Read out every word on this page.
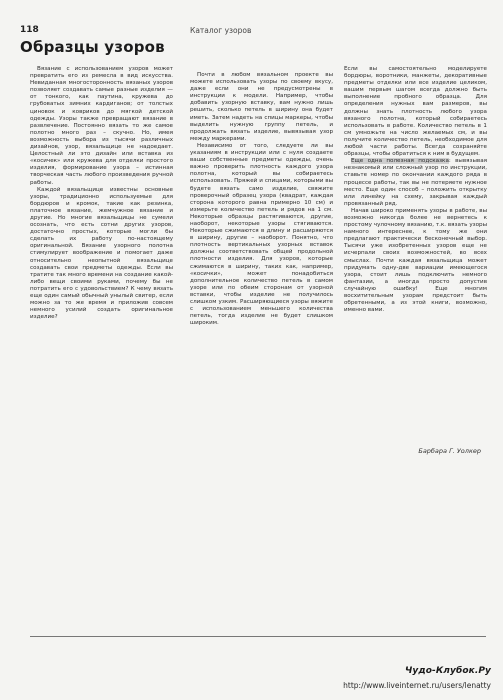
118	Каталог узоров
Образцы узоров

Вязание с использованием узоров может превратить его из ремесла в вид искусства. Невиданная многосторонность вязаных узоров позволяет создавать самые разные изделия — от тонкого, как паутина, кружева до грубоватых зимних кардиганов; от толстых циновок и ковриков до мягкой детской одежды. Узоры также превращают вязание в развлечение. Постоянно вязать то же самое полотно много раз – скучно. Но, имея возможность выбора из тысячи различных дизайнов, узор, вязальщице не надоедает. Целостный ли это дизайн или вставка из «косичек» или кружева для отделки простого изделия, формирование узора – истинная творческая часть любого произведения ручной работы.

Каждой вязальщице известны основные узоры, традиционно используемые для бордюров и кромок, такие как резинка, платочное вязание, жемчужное вязание и другие. Но многие вязальщицы не сумели осознать, что есть сотни других узоров, достаточно простых, которые могли бы сделать их работу по-настоящему оригинальной. Вязание узорного полотна стимулирует воображение и помогает даже относительно неопытной вязальщице создавать свои предметы одежды. Если вы тратите так много времени на создание какой-либо вещи своими руками, почему бы не потратить его с удовольствием? К чему вязать еще один самый обычный унылый свитер, если можно за то же время и приложив совсем немного усилий создать оригинальное изделие?

Почти в любом вязальном проекте вы можете использовать узоры по своему вкусу, даже если они не предусмотрены в инструкции к модели. Например, чтобы добавить узорную вставку, вам нужно лишь решить, сколько петель в ширину она будет иметь. Затем надеть на спицы маркеры, чтобы выделить нужную группу петель, и продолжать вязать изделие, вывязывая узор между маркерами.

Независимо от того, следуете ли вы указаниям в инструкции или с нуля создаете ваши собственные предметы одежды, очень важно проверить плотность каждого узора полотна, который вы собираетесь использовать. Пряжей и спицами, которыми вы будете вязать само изделие, свяжите проверочный образец узора (квадрат, каждая сторона которого равна примерно 10 см) и измерьте количество петель и рядов на 1 см. Некоторые образцы растягиваются, другие, наоборот, некоторые узоры стягиваются. Некоторые сжимаются в длину и расширяются в ширину, другие – наоборот. Понятно, что плотность вертикальных узорных вставок должны соответствовать общей продольной плотности изделия. Для узоров, которые сжимаются в ширину, таких как, например, «косички», может понадобиться дополнительное количество петель в самом узоре или по обеим сторонам от узорной вставки, чтобы изделие не получилось слишком узким. Расширяющиеся узоры вяжите с использованием меньшего количества петель, тогда изделие не будет слишком широким.

Если вы самостоятельно моделируете бордюры, воротники, манжеты, декоративные предметы отделки или все изделие целиком, вашим первым шагом всегда должно быть выполнение пробного образца. Для определения нужных вам размеров, вы должны знать плотность любого узора вязаного полотна, который собираетесь использовать в работе. Количество петель в 1 см умножьте на число желаемых см, и вы получите количество петель, необходимое для любой части работы. Всегда сохраняйте образцы, чтобы обратиться к ним в будущем.

Еще одна полезная подсказка: вывязывая незнакомый или сложный узор по инструкции, ставьте номер по окончании каждого ряда в процессе работы, так вы не потеряете нужное место. Еще один способ – положить открытку или линейку на схему, закрывая каждый провязанный ряд.

Начав широко применять узоры в работе, вы возможно никогда более не вернетесь к простому чулочному вязанию, т.к. вязать узоры намного интереснее, к тому же они предлагают практически бесконечный выбор. Тысячи уже изобретенных узоров еще не исчерпали своих возможностей, во всех смыслах. Почти каждая вязальщица может придумать одну-две вариации имеющегося узора, стоит лишь подключить немного фантазии, а иногда просто допустив случайную ошибку! Еще многим восхитительным узорам предстоит быть обретенными, а из этой книги, возможно, именно вами.

Барбара Г. Уолкер
Чудо-Клубок.Ру
http://www.liveinternet.ru/users/lenatty
